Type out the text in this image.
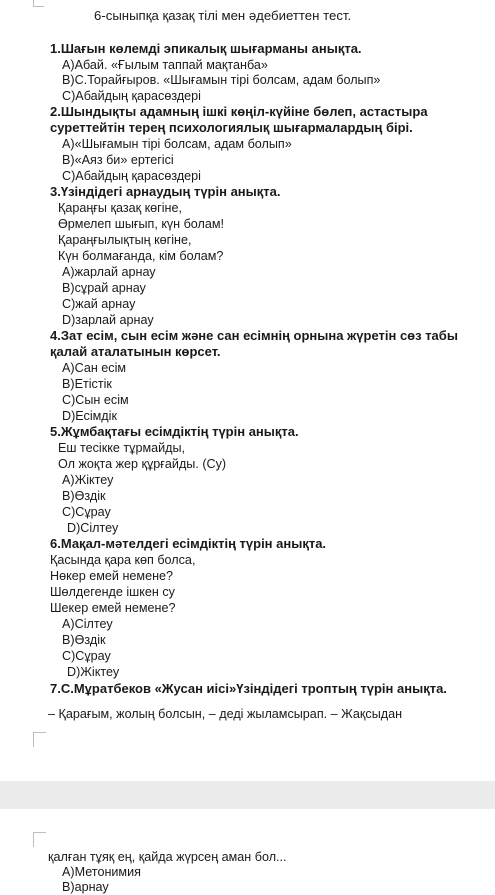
6-сыныпқа қазақ тілі мен әдебиеттен тест.
1.Шағын көлемді эпикалық шығарманы анықта.
А)Абай. «Ғылым таппай мақтанба»
В)С.Торайғыров. «Шығамын тірі болсам, адам болып»
С)Абайдың қарасөздері
2.Шындықты адамның ішкі көңіл-күйіне бөлеп, астастыра
суреттейтін терең психологиялық шығармалардың бірі.
А)«Шығамын тірі болсам, адам болып»
В)«Аяз би» ертегісі
С)Абайдың қарасөздері
3.Үзіндідегі арнаудың түрін анықта.
Қараңғы қазақ көгіне,
Өрмелеп шығып, күн болам!
Қараңғылықтың көгіне,
Күн болмағанда, кім болам?
А)жарлай арнау
В)сұрай арнау
С)жай арнау
D)зарлай арнау
4.Зат есім, сын есім және сан есімнің орнына жүретін сөз табы
қалай аталатынын көрсет.
А)Сан есім
В)Етістік
С)Сын есім
D)Есімдік
5.Жұмбақтағы есімдіктің түрін анықта.
Еш тесікке тұрмайды,
Ол жоқта жер құрғайды. (Су)
А)Жіктеу
В)Өздік
С)Сұрау
D)Сілтеу
6.Мақал-мәтелдегі есімдіктің түрін анықта.
Қасында қара көп болса,
Нөкер емей немене?
Шөлдегенде ішкен су
Шекер емей немене?
А)Сілтеу
В)Өздік
С)Сұрау
D)Жіктеу
7.С.Мұратбеков «Жусан иісі»Үзіндідегі троптың түрін анықта.
– Қарағым, жолың болсын, – деді жыламсырап. – Жақсыдан
қалған тұяқ ең, қайда жүрсең аман бол...
А)Метонимия
В)арнау
